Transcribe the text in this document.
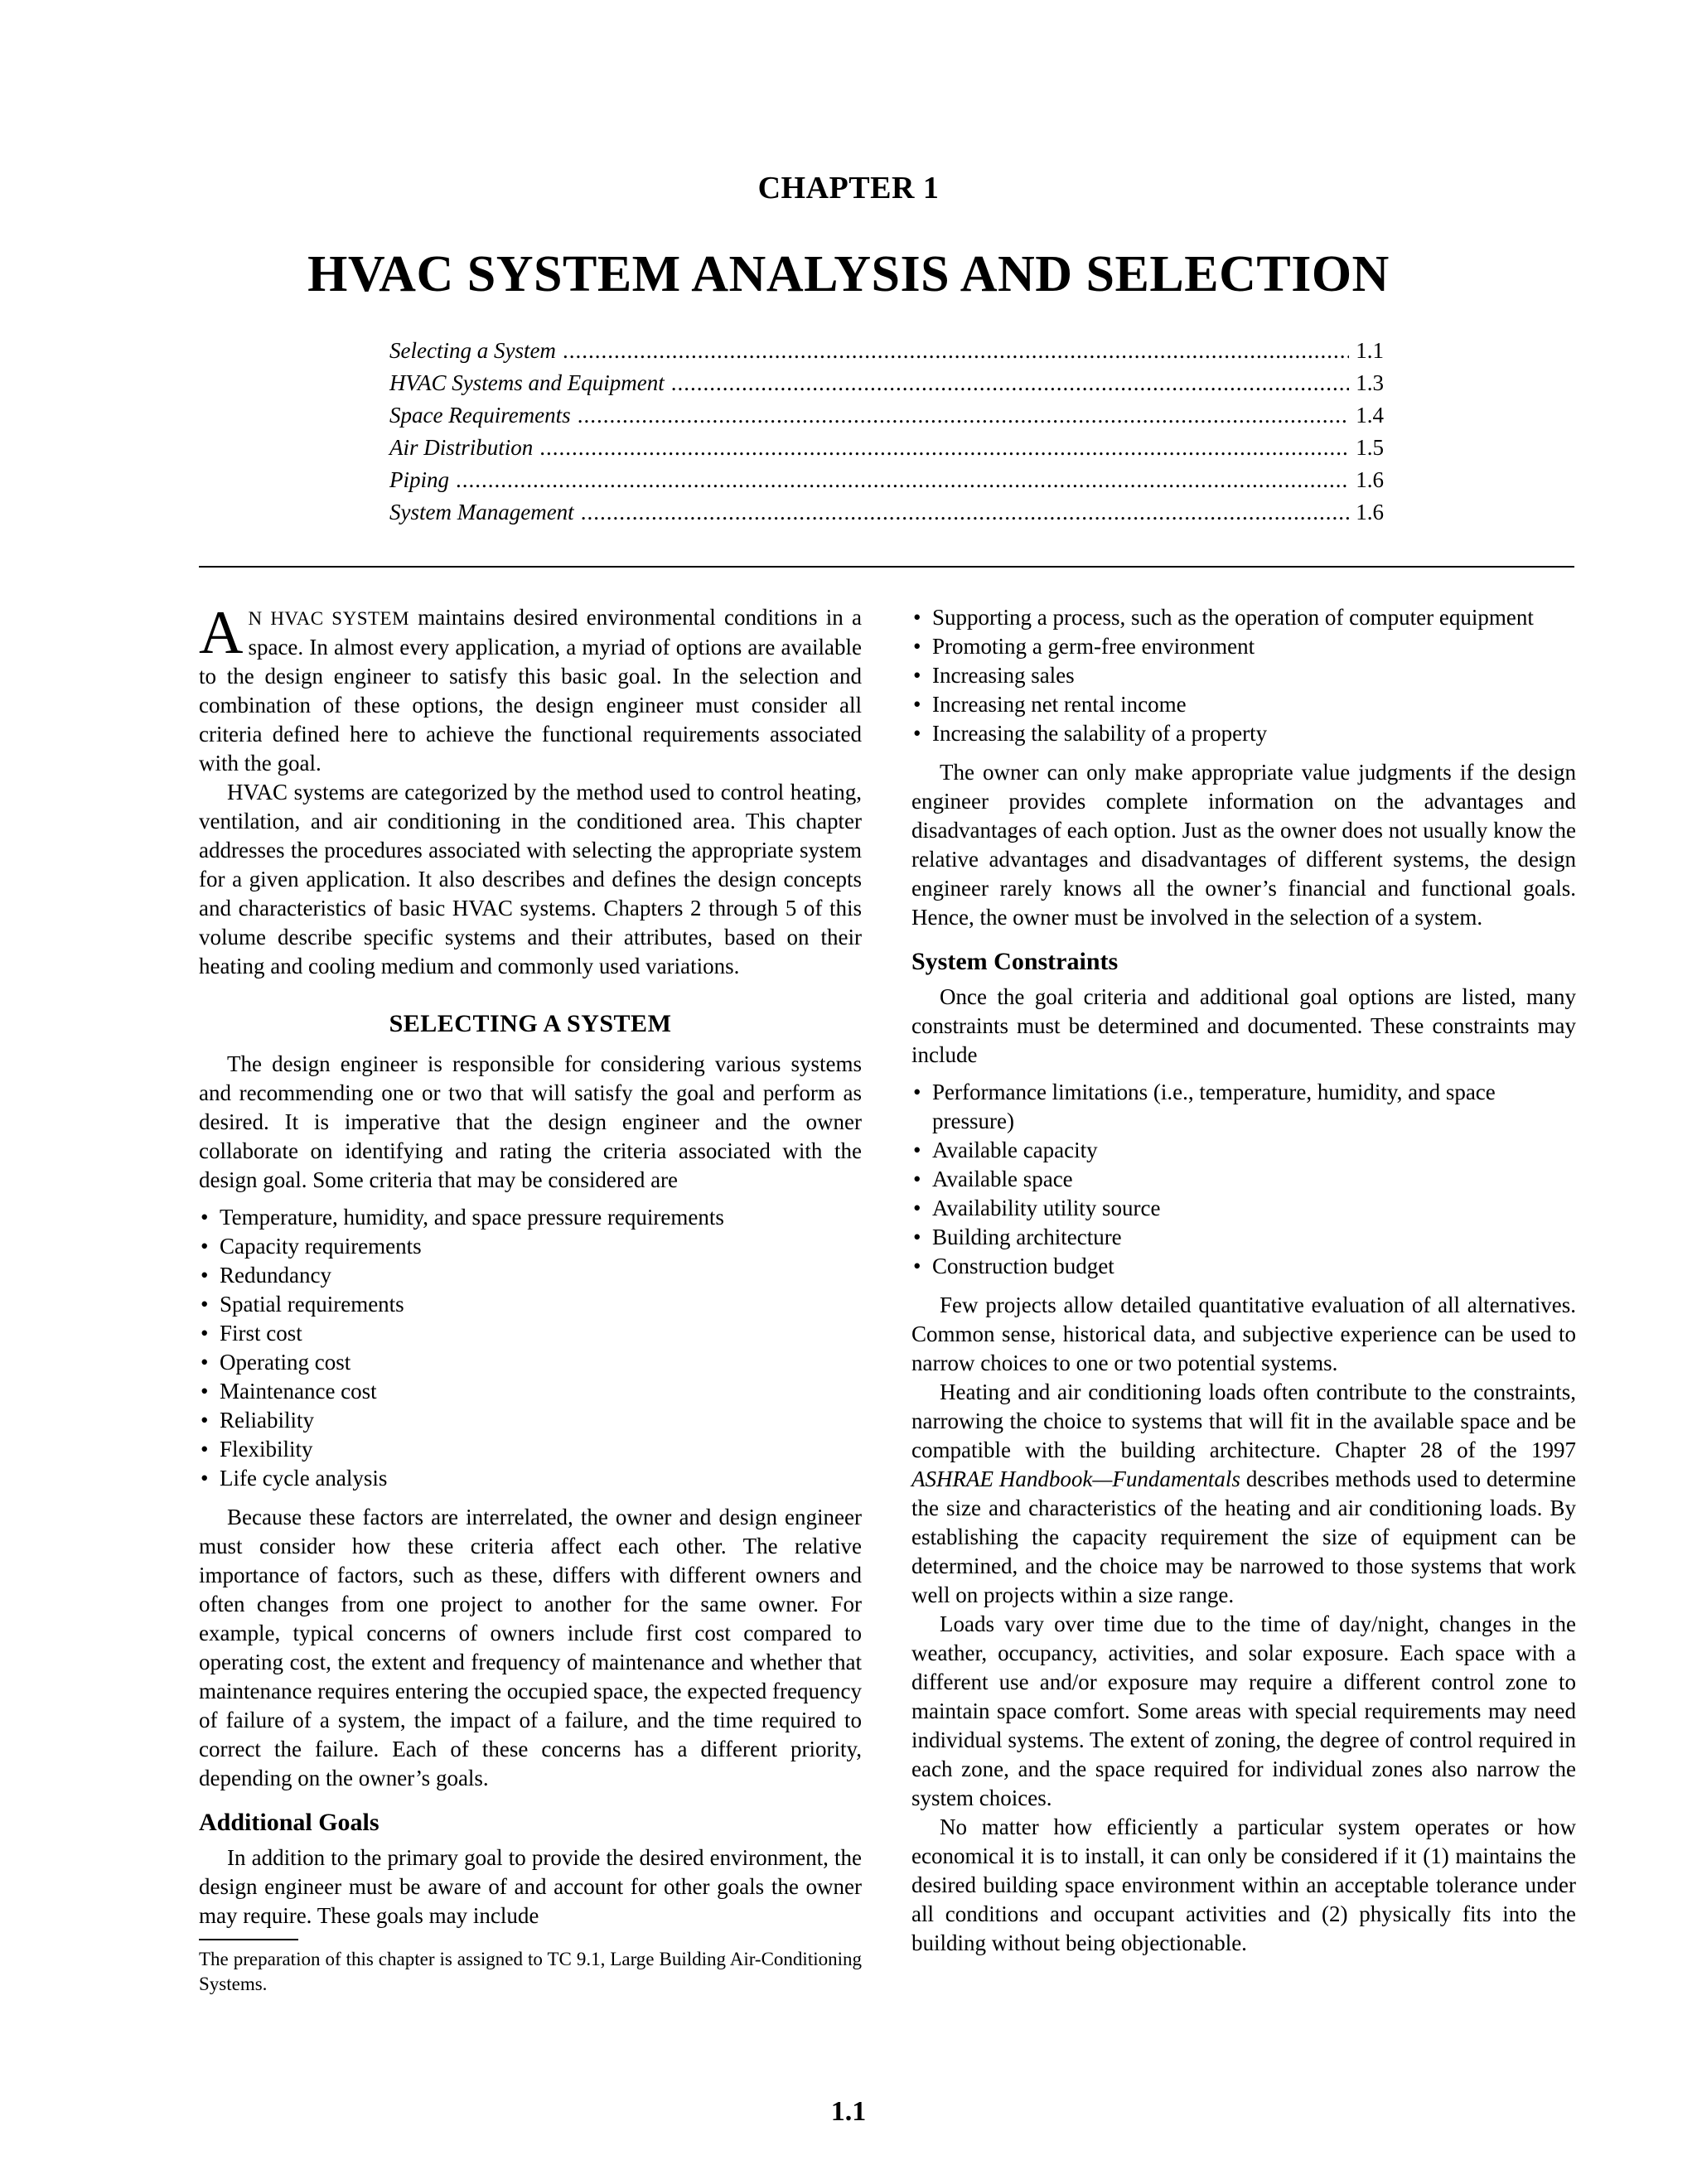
CHAPTER 1
HVAC SYSTEM ANALYSIS AND SELECTION
Selecting a System .....	1.1
HVAC Systems and Equipment .....	1.3
Space Requirements .....	1.4
Air Distribution .....	1.5
Piping .....	1.6
System Management .....	1.6

A N HVAC SYSTEM maintains desired environmental conditions in a space. In almost every application, a myriad of options are available to the design engineer to satisfy this basic goal. In the selection and combination of these options, the design engineer must consider all criteria defined here to achieve the functional requirements associated with the goal.

HVAC systems are categorized by the method used to control heating, ventilation, and air conditioning in the conditioned area. This chapter addresses the procedures associated with selecting the appropriate system for a given application. It also describes and defines the design concepts and characteristics of basic HVAC systems. Chapters 2 through 5 of this volume describe specific systems and their attributes, based on their heating and cooling medium and commonly used variations.

SELECTING A SYSTEM

The design engineer is responsible for considering various systems and recommending one or two that will satisfy the goal and perform as desired. It is imperative that the design engineer and the owner collaborate on identifying and rating the criteria associated with the design goal. Some criteria that may be considered are

• Temperature, humidity, and space pressure requirements
• Capacity requirements
• Redundancy
• Spatial requirements
• First cost
• Operating cost
• Maintenance cost
• Reliability
• Flexibility
• Life cycle analysis

Because these factors are interrelated, the owner and design engineer must consider how these criteria affect each other. The relative importance of factors, such as these, differs with different owners and often changes from one project to another for the same owner. For example, typical concerns of owners include first cost compared to operating cost, the extent and frequency of maintenance and whether that maintenance requires entering the occupied space, the expected frequency of failure of a system, the impact of a failure, and the time required to correct the failure. Each of these concerns has a different priority, depending on the owner’s goals.

Additional Goals

In addition to the primary goal to provide the desired environment, the design engineer must be aware of and account for other goals the owner may require. These goals may include

The preparation of this chapter is assigned to TC 9.1, Large Building Air-Conditioning Systems.

• Supporting a process, such as the operation of computer equipment
• Promoting a germ-free environment
• Increasing sales
• Increasing net rental income
• Increasing the salability of a property

The owner can only make appropriate value judgments if the design engineer provides complete information on the advantages and disadvantages of each option. Just as the owner does not usually know the relative advantages and disadvantages of different systems, the design engineer rarely knows all the owner’s financial and functional goals. Hence, the owner must be involved in the selection of a system.

System Constraints

Once the goal criteria and additional goal options are listed, many constraints must be determined and documented. These constraints may include

• Performance limitations (i.e., temperature, humidity, and space pressure)
• Available capacity
• Available space
• Availability utility source
• Building architecture
• Construction budget

Few projects allow detailed quantitative evaluation of all alternatives. Common sense, historical data, and subjective experience can be used to narrow choices to one or two potential systems.

Heating and air conditioning loads often contribute to the constraints, narrowing the choice to systems that will fit in the available space and be compatible with the building architecture. Chapter 28 of the 1997 ASHRAE Handbook—Fundamentals describes methods used to determine the size and characteristics of the heating and air conditioning loads. By establishing the capacity requirement the size of equipment can be determined, and the choice may be narrowed to those systems that work well on projects within a size range.

Loads vary over time due to the time of day/night, changes in the weather, occupancy, activities, and solar exposure. Each space with a different use and/or exposure may require a different control zone to maintain space comfort. Some areas with special requirements may need individual systems. The extent of zoning, the degree of control required in each zone, and the space required for individual zones also narrow the system choices.

No matter how efficiently a particular system operates or how economical it is to install, it can only be considered if it (1) maintains the desired building space environment within an acceptable tolerance under all conditions and occupant activities and (2) physically fits into the building without being objectionable.

1.1
